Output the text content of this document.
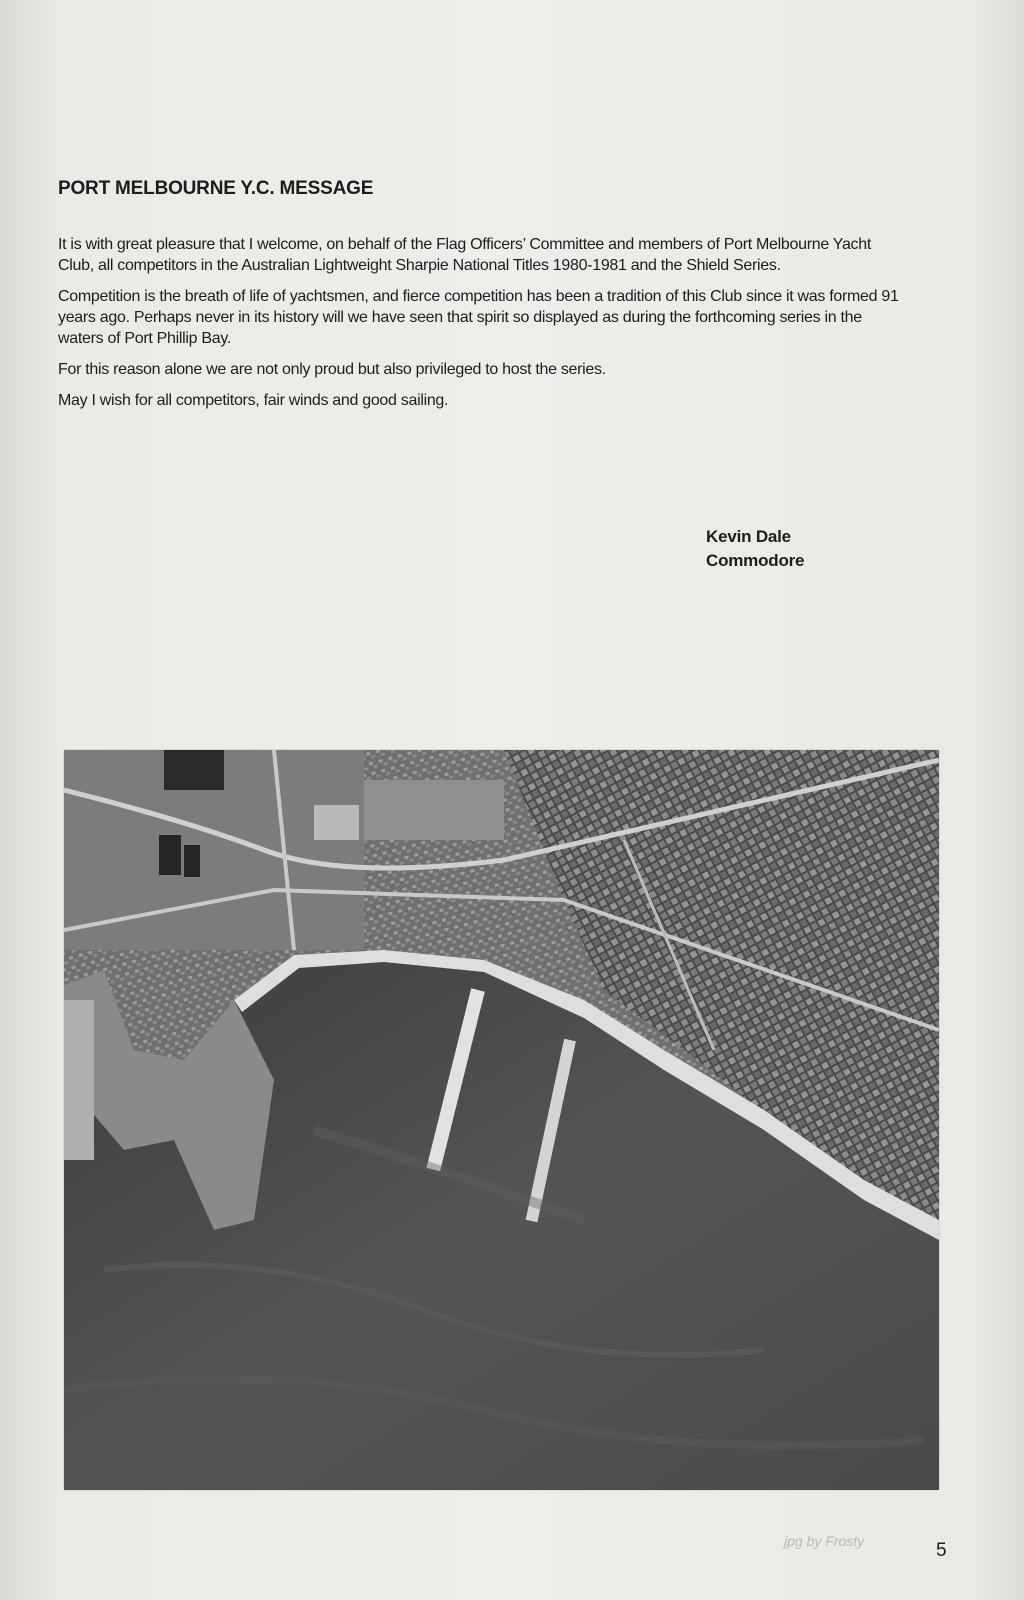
PORT MELBOURNE Y.C. MESSAGE

It is with great pleasure that I welcome, on behalf of the Flag Officers’ Committee and members of Port Melbourne Yacht Club, all competitors in the Australian Lightweight Sharpie National Titles 1980-1981 and the Shield Series.

Competition is the breath of life of yachtsmen, and fierce competition has been a tradition of this Club since it was formed 91 years ago. Perhaps never in its history will we have seen that spirit so displayed as during the forthcoming series in the waters of Port Phillip Bay.

For this reason alone we are not only proud but also privileged to host the series.

May I wish for all competitors, fair winds and good sailing.

Kevin Dale
Commodore
jpg by Frosty	5
